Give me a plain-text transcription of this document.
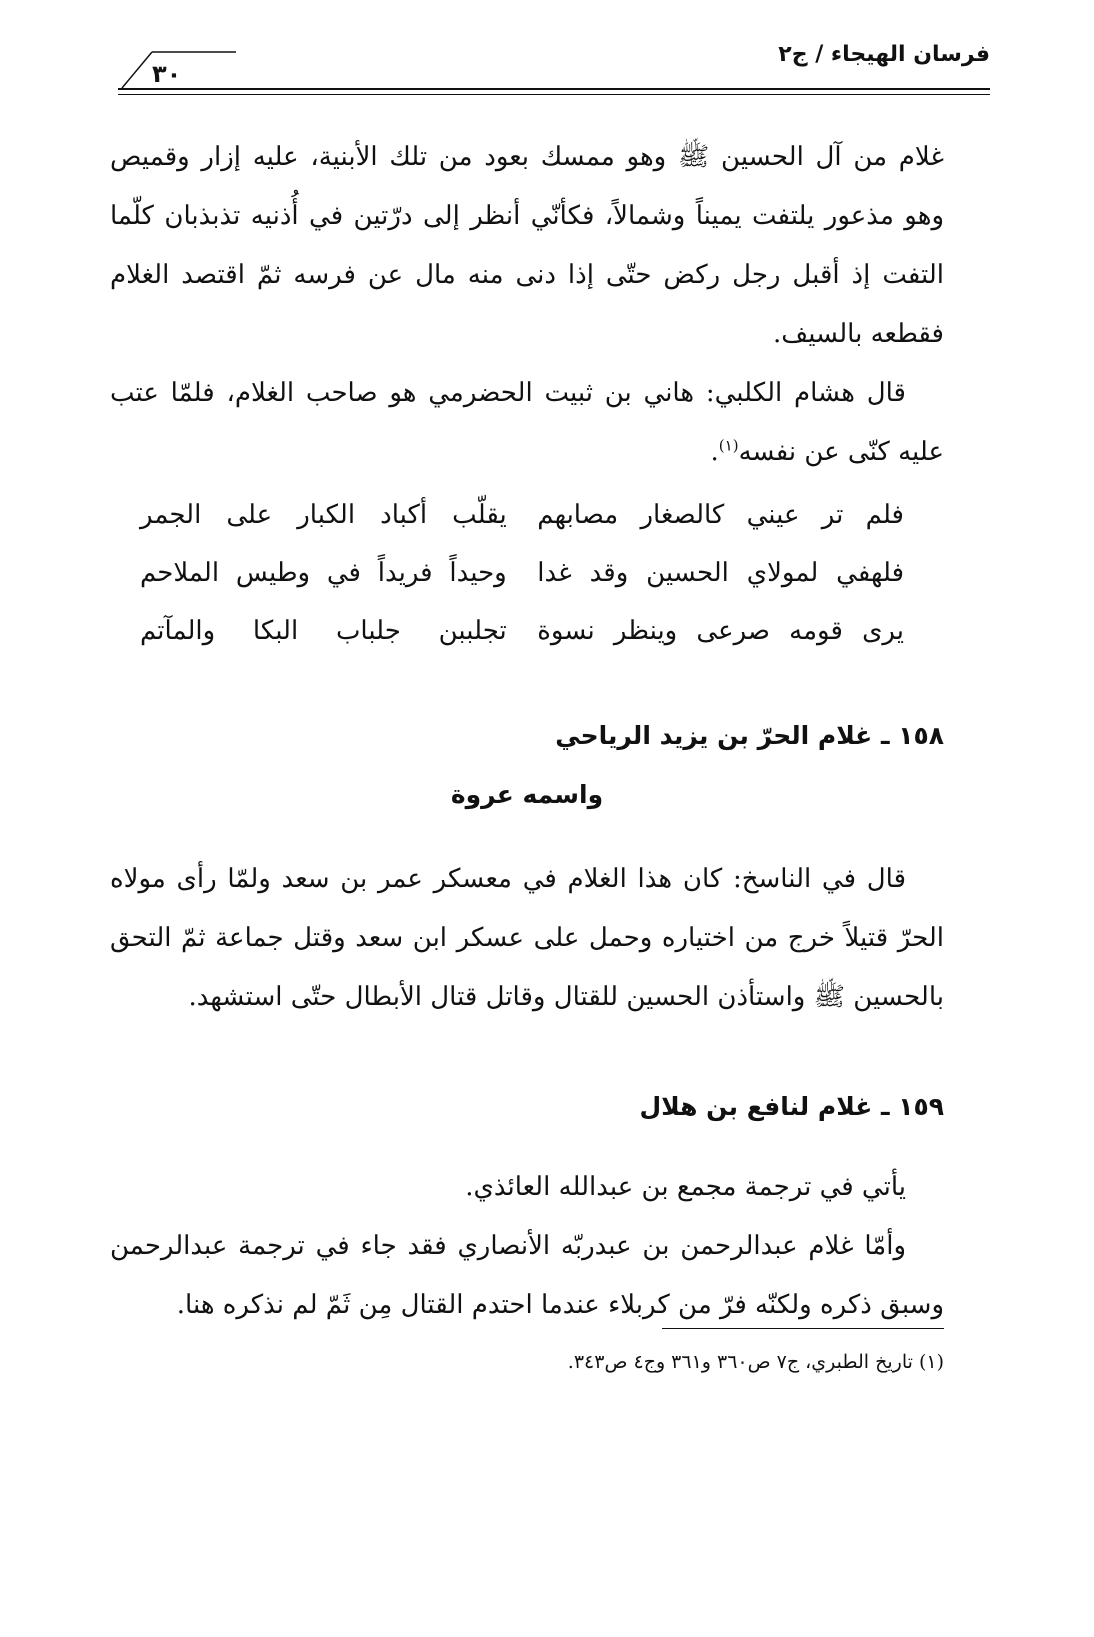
فرسان الهيجاء / ج٢
٣٠

غلام من آل الحسين ﷺ وهو ممسك بعود من تلك الأبنية، عليه إزار وقميص وهو مذعور يلتفت يميناً وشمالاً، فكأنّي أنظر إلى درّتين في أُذنيه تذبذبان كلّما التفت إذ أقبل رجل ركض حتّى إذا دنى منه مال عن فرسه ثمّ اقتصد الغلام فقطعه بالسيف.

قال هشام الكلبي: هاني بن ثبيت الحضرمي هو صاحب الغلام، فلمّا عتب عليه كنّى عن نفسه$^{(١)}$.

فلم تر عيني كالصغار مصابهم
يقلّب أكباد الكبار على الجمر
فلهفي لمولاي الحسين وقد غدا
وحيداً فريداً في وطيس الملاحم
يرى قومه صرعى وينظر نسوة
تجلببن جلباب البكا والمآتم

١٥٨ ـ غلام الحرّ بن يزيد الرياحي

واسمه عروة

قال في الناسخ: كان هذا الغلام في معسكر عمر بن سعد ولمّا رأى مولاه الحرّ قتيلاً خرج من اختياره وحمل على عسكر ابن سعد وقتل جماعة ثمّ التحق بالحسين ﷺ واستأذن الحسين للقتال وقاتل قتال الأبطال حتّى استشهد.

١٥٩ ـ غلام لنافع بن هلال

يأتي في ترجمة مجمع بن عبدالله العائذي.

وأمّا غلام عبدالرحمن بن عبدربّه الأنصاري فقد جاء في ترجمة عبدالرحمن وسبق ذكره ولكنّه فرّ من كربلاء عندما احتدم القتال مِن ثَمّ لم نذكره هنا.

(١) تاريخ الطبري، ج٧ ص٣٦٠ و٣٦١ وج٤ ص٣٤٣.
